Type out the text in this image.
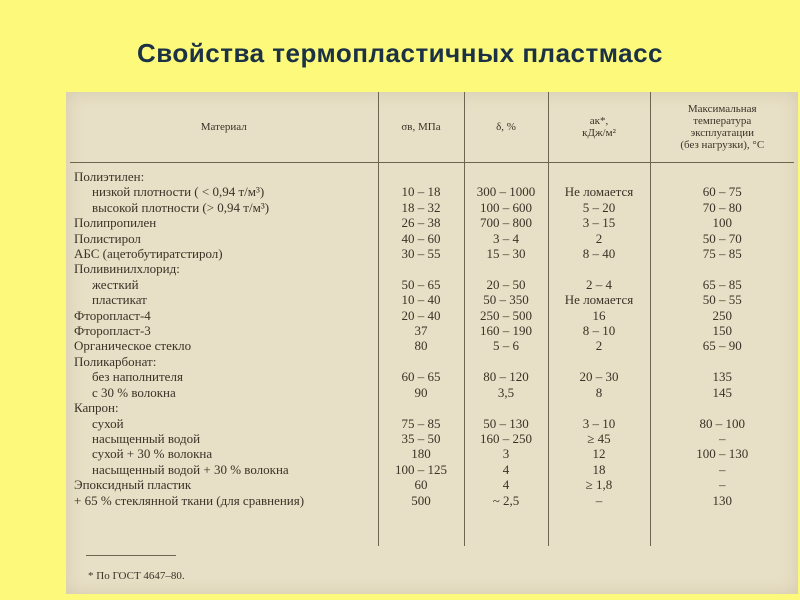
Свойства термопластичных пластмасс
Материал	σв, МПа	δ, %	aк*,
кДж/м²	Максимальная
температура
эксплуатации
(без нагрузки), °С

Полиэтилен:				
низкой плотности ( < 0,94 т/м³)	10 – 18	300 – 1000	Не ломается	60 – 75
высокой плотности (> 0,94 т/м³)	18 – 32	100 – 600	5 – 20	70 – 80
Полипропилен	26 – 38	700 – 800	3 – 15	100
Полистирол	40 – 60	3 – 4	2	50 – 70
АБС (ацетобутиратстирол)	30 – 55	15 – 30	8 – 40	75 – 85
Поливинилхлорид:				
жесткий	50 – 65	20 – 50	2 – 4	65 – 85
пластикат	10 – 40	50 – 350	Не ломается	50 – 55
Фторопласт-4	20 – 40	250 – 500	16	250
Фторопласт-3	37	160 – 190	8 – 10	150
Органическое стекло	80	5 – 6	2	65 – 90
Поликарбонат:				
без наполнителя	60 – 65	80 – 120	20 – 30	135
с 30 % волокна	90	3,5	8	145
Капрон:				
сухой	75 – 85	50 – 130	3 – 10	80 – 100
насыщенный водой	35 – 50	160 – 250	≥ 45	–
сухой + 30 % волокна	180	3	12	100 – 130
насыщенный водой + 30 % волокна	100 – 125	4	18	–
Эпоксидный пластик	60	4	≥ 1,8	–
+ 65 % стеклянной ткани (для сравнения)	500	~ 2,5	–	130

* По ГОСТ 4647–80.
